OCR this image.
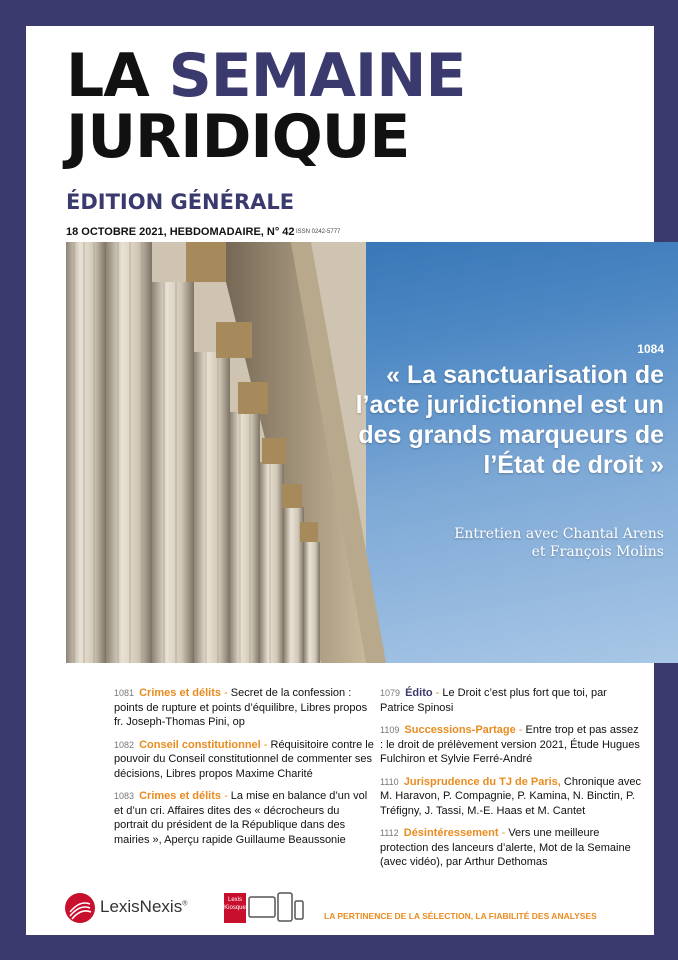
LA SEMAINE
JURIDIQUE
ÉDITION GÉNÉRALE
18 OCTOBRE 2021, HEBDOMADAIRE, N° 42 ISSN 0242-5777
1084
« La sanctuarisation de l’acte juridictionnel est un des grands marqueurs de l’État de droit »
Entretien avec Chantal Arens
et François Molins
1081 Crimes et délits - Secret de la confession : points de rupture et points d’équilibre, Libres propos fr. Joseph-Thomas Pini, op
1082 Conseil constitutionnel - Réquisitoire contre le pouvoir du Conseil constitutionnel de commenter ses décisions, Libres propos Maxime Charité
1083 Crimes et délits - La mise en balance d’un vol et d’un cri. Affaires dites des « décrocheurs du portrait du président de la République dans des mairies », Aperçu rapide Guillaume Beaussonie
1079 Édito - Le Droit c’est plus fort que toi, par Patrice Spinosi
1109 Successions-Partage - Entre trop et pas assez : le droit de prélèvement version 2021, Étude Hugues Fulchiron et Sylvie Ferré-André
1110 Jurisprudence du TJ de Paris, Chronique avec M. Haravon, P. Compagnie, P. Kamina, N. Binctin, P. Tréfigny, J. Tassi, M.-E. Haas et M. Cantet
1112 Désintéressement - Vers une meilleure protection des lanceurs d’alerte, Mot de la Semaine (avec vidéo), par Arthur Dethomas
LexisNexis®
Lexis
Kiosque
LA PERTINENCE DE LA SÉLECTION, LA FIABILITÉ DES ANALYSES
